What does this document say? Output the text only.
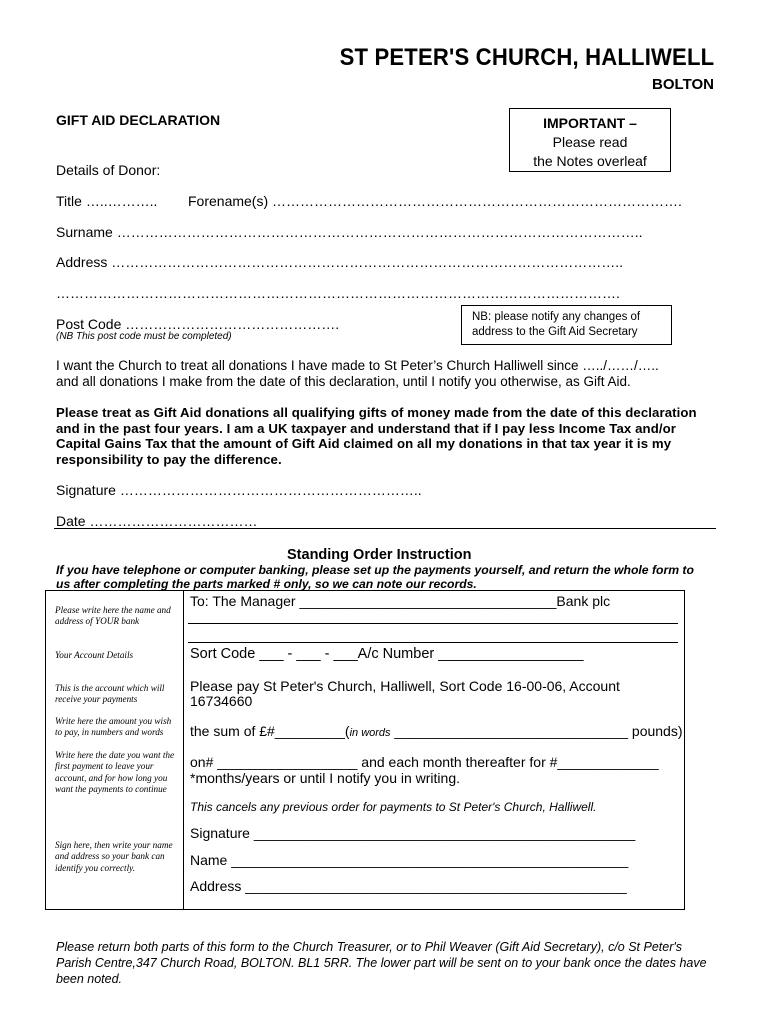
ST PETER'S CHURCH, HALLIWELL
BOLTON
GIFT AID DECLARATION	IMPORTANT –
Please read
the Notes overleaf
Details of Donor:
Title …..……….. Forename(s) …………………………………………………………………………….
Surname …………………………………………………………………………………………………..
Address ………………………………………………………………………………………………..
………………………………………………………………………………………………………….
NB: please notify any changes of address to the Gift Aid Secretary
Post Code ……………………………………….
(NB This post code must be completed)
I want the Church to treat all donations I have made to St Peter’s Church Halliwell since …../……/…..
and all donations I make from the date of this declaration, until I notify you otherwise, as Gift Aid.
Please treat as Gift Aid donations all qualifying gifts of money made from the date of this declaration and in the past four years. I am a UK taxpayer and understand that if I pay less Income Tax and/or Capital Gains Tax that the amount of Gift Aid claimed on all my donations in that tax year it is my responsibility to pay the difference.
Signature ………………………………………………………..
Date ………………………………
Standing Order Instruction
If you have telephone or computer banking, please set up the payments yourself, and return the whole form to us after completing the parts marked # only, so we can note our records.
Please write here the name and address of YOUR bank
Your Account Details
This is the account which will receive your payments
Write here the amount you wish to pay, in numbers and words
Write here the date you want the first payment to leave your account, and for how long you want the payments to continue
Sign here, then write your name and address so your bank can identify you correctly.
To: The Manager _________________________________Bank plc
Sort Code ___ - ___ - ___A/c Number __________________
Please pay St Peter's Church, Halliwell, Sort Code 16-00-06, Account
16734660
the sum of £#_________(in words ______________________________ pounds)
on# __________________ and each month thereafter for #_____________
*months/years or until I notify you in writing.
This cancels any previous order for payments to St Peter's Church, Halliwell.
Signature _________________________________________________
Name ___________________________________________________
Address _________________________________________________
Please return both parts of this form to the Church Treasurer, or to Phil Weaver (Gift Aid Secretary), c/o St Peter's Parish Centre,347 Church Road, BOLTON. BL1 5RR. The lower part will be sent on to your bank once the dates have been noted.
